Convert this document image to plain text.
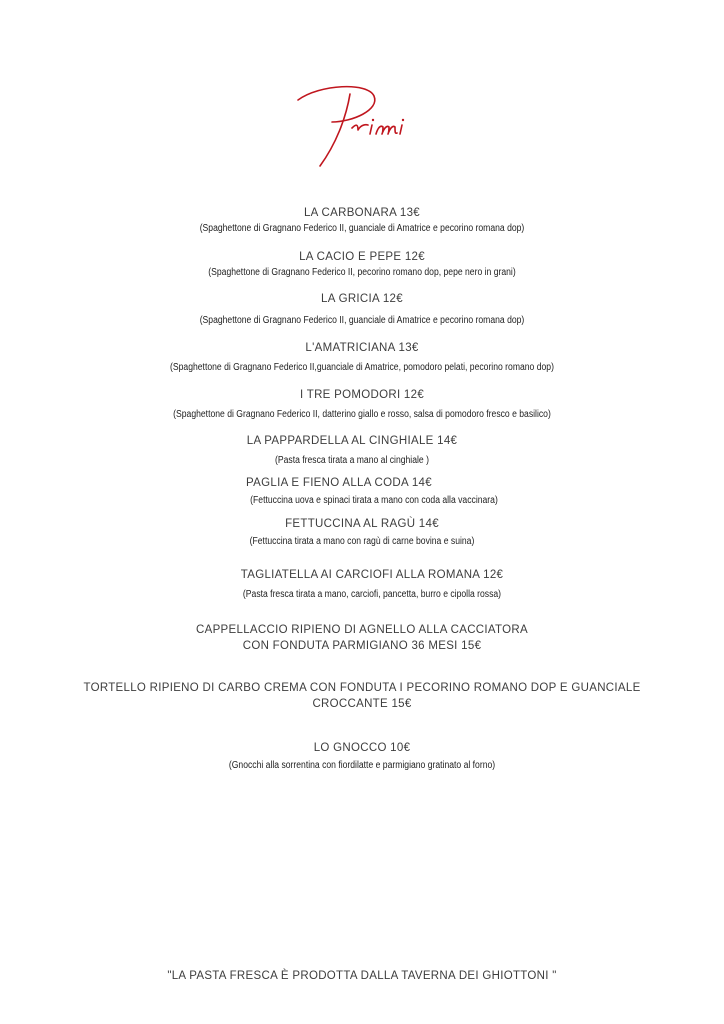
LA CARBONARA 13€
(Spaghettone di Gragnano Federico II, guanciale di Amatrice e pecorino romana dop)
LA CACIO E PEPE 12€
(Spaghettone di Gragnano Federico II, pecorino romano dop, pepe nero in grani)
LA GRICIA 12€
(Spaghettone di Gragnano Federico II, guanciale di Amatrice e pecorino romana dop)
L'AMATRICIANA 13€
(Spaghettone di Gragnano Federico II,guanciale di Amatrice, pomodoro pelati, pecorino romano dop)
I TRE POMODORI 12€
(Spaghettone di Gragnano Federico II, datterino giallo e rosso, salsa di pomodoro fresco e basilico)
LA PAPPARDELLA AL CINGHIALE 14€
(Pasta fresca tirata a mano al cinghiale )
PAGLIA E FIENO ALLA CODA 14€
(Fettuccina uova e spinaci tirata a mano con coda alla vaccinara)
FETTUCCINA AL RAGÙ 14€
(Fettuccina tirata a mano con ragù di carne bovina e suina)
TAGLIATELLA AI CARCIOFI ALLA ROMANA 12€
(Pasta fresca tirata a mano, carciofi, pancetta, burro e cipolla rossa)
CAPPELLACCIO RIPIENO DI AGNELLO ALLA CACCIATORA
CON FONDUTA PARMIGIANO 36 MESI 15€
TORTELLO RIPIENO DI CARBO CREMA CON FONDUTA I PECORINO ROMANO DOP E GUANCIALE
CROCCANTE 15€
LO GNOCCO 10€
(Gnocchi alla sorrentina con fiordilatte e parmigiano gratinato al forno)
"LA PASTA FRESCA È PRODOTTA DALLA TAVERNA DEI GHIOTTONI "
